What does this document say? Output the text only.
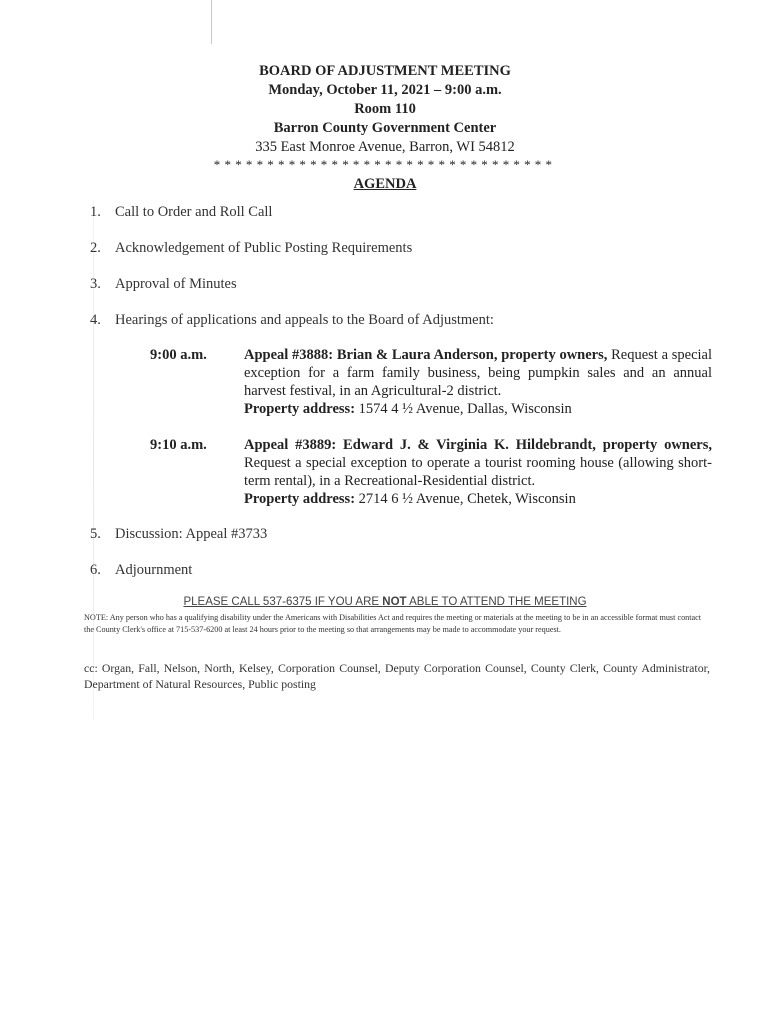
BOARD OF ADJUSTMENT MEETING
Monday, October 11, 2021 – 9:00 a.m.
Room 110
Barron County Government Center
335 East Monroe Avenue, Barron, WI 54812
********************************
AGENDA
1. Call to Order and Roll Call
2. Acknowledgement of Public Posting Requirements
3. Approval of Minutes
4. Hearings of applications and appeals to the Board of Adjustment:
9:00 a.m.	Appeal #3888: Brian & Laura Anderson, property owners, Request a special exception for a farm family business, being pumpkin sales and an annual harvest festival, in an Agricultural-2 district.
Property address: 1574 4 ½ Avenue, Dallas, Wisconsin
9:10 a.m.	Appeal #3889: Edward J. & Virginia K. Hildebrandt, property owners, Request a special exception to operate a tourist rooming house (allowing short-term rental), in a Recreational-Residential district.
Property address: 2714 6 ½ Avenue, Chetek, Wisconsin
5. Discussion: Appeal #3733
6. Adjournment
PLEASE CALL 537-6375 IF YOU ARE NOT ABLE TO ATTEND THE MEETING
NOTE: Any person who has a qualifying disability under the Americans with Disabilities Act and requires the meeting or materials at the meeting to be in an accessible format must contact the County Clerk's office at 715-537-6200 at least 24 hours prior to the meeting so that arrangements may be made to accommodate your request.
cc: Organ, Fall, Nelson, North, Kelsey, Corporation Counsel, Deputy Corporation Counsel, County Clerk, County Administrator, Department of Natural Resources, Public posting
